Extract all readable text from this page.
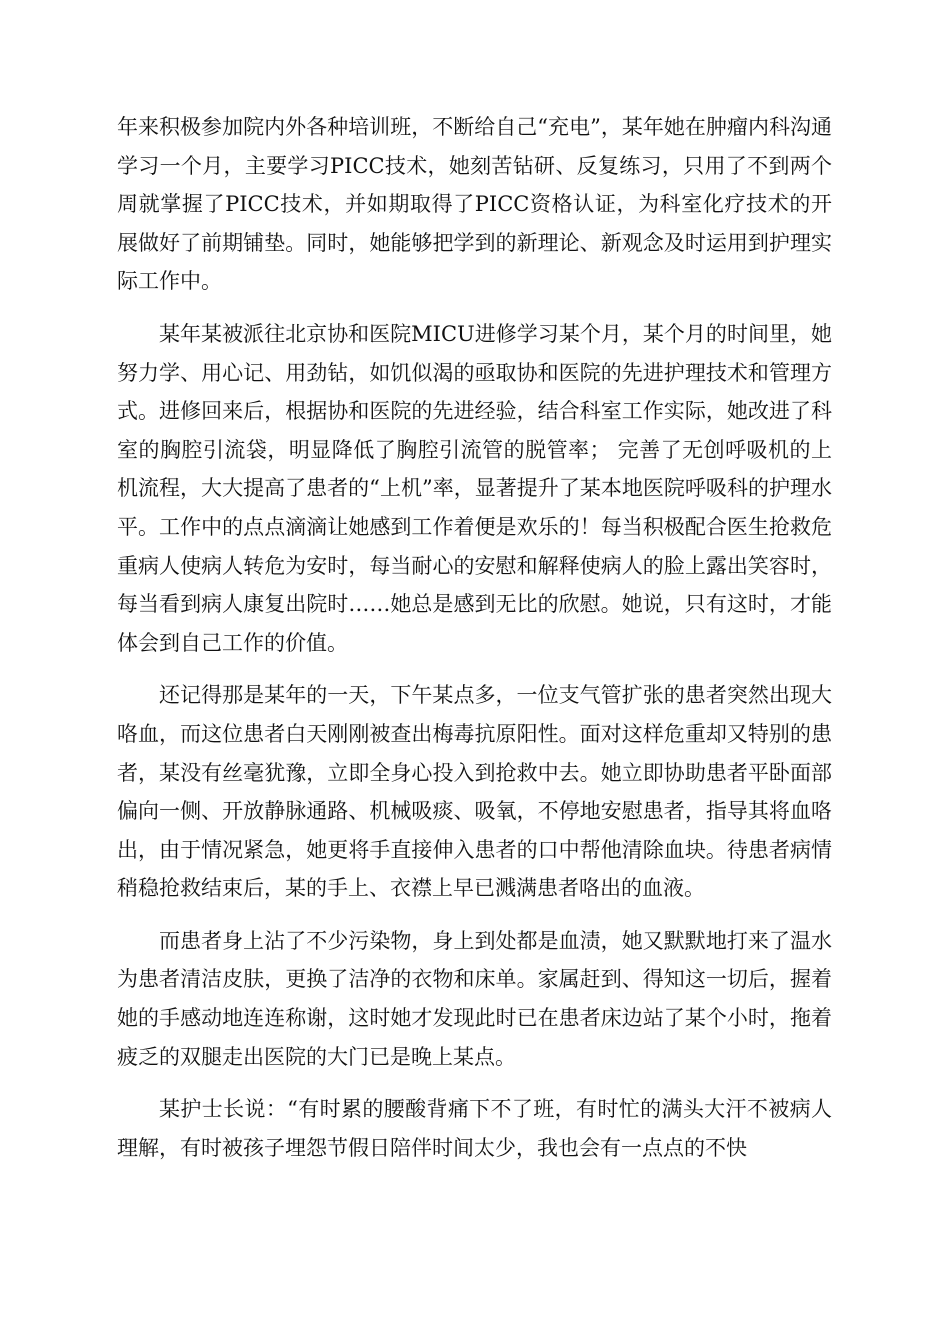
年来积极参加院内外各种培训班，不断给自己“充电”，某年她在肿瘤内科沟通学习一个月，主要学习PICC技术，她刻苦钻研、反复练习，只用了不到两个周就掌握了PICC技术，并如期取得了PICC资格认证，为科室化疗技术的开展做好了前期铺垫。同时，她能够把学到的新理论、新观念及时运用到护理实际工作中。

某年某被派往北京协和医院MICU进修学习某个月，某个月的时间里，她努力学、用心记、用劲钻，如饥似渴的亟取协和医院的先进护理技术和管理方式。进修回来后，根据协和医院的先进经验，结合科室工作实际，她改进了科室的胸腔引流袋，明显降低了胸腔引流管的脱管率； 完善了无创呼吸机的上机流程，大大提高了患者的“上机”率，显著提升了某本地医院呼吸科的护理水平。工作中的点点滴滴让她感到工作着便是欢乐的！每当积极配合医生抢救危重病人使病人转危为安时，每当耐心的安慰和解释使病人的脸上露出笑容时，每当看到病人康复出院时……她总是感到无比的欣慰。她说，只有这时，才能体会到自己工作的价值。

还记得那是某年的一天，下午某点多，一位支气管扩张的患者突然出现大咯血，而这位患者白天刚刚被查出梅毒抗原阳性。面对这样危重却又特别的患者，某没有丝毫犹豫，立即全身心投入到抢救中去。她立即协助患者平卧面部偏向一侧、开放静脉通路、机械吸痰、吸氧，不停地安慰患者，指导其将血咯出，由于情况紧急，她更将手直接伸入患者的口中帮他清除血块。待患者病情稍稳抢救结束后，某的手上、衣襟上早已溅满患者咯出的血液。

而患者身上沾了不少污染物，身上到处都是血渍，她又默默地打来了温水为患者清洁皮肤，更换了洁净的衣物和床单。家属赶到、得知这一切后，握着她的手感动地连连称谢，这时她才发现此时已在患者床边站了某个小时，拖着疲乏的双腿走出医院的大门已是晚上某点。

某护士长说：“有时累的腰酸背痛下不了班，有时忙的满头大汗不被病人理解，有时被孩子埋怨节假日陪伴时间太少，我也会有一点点的不快
